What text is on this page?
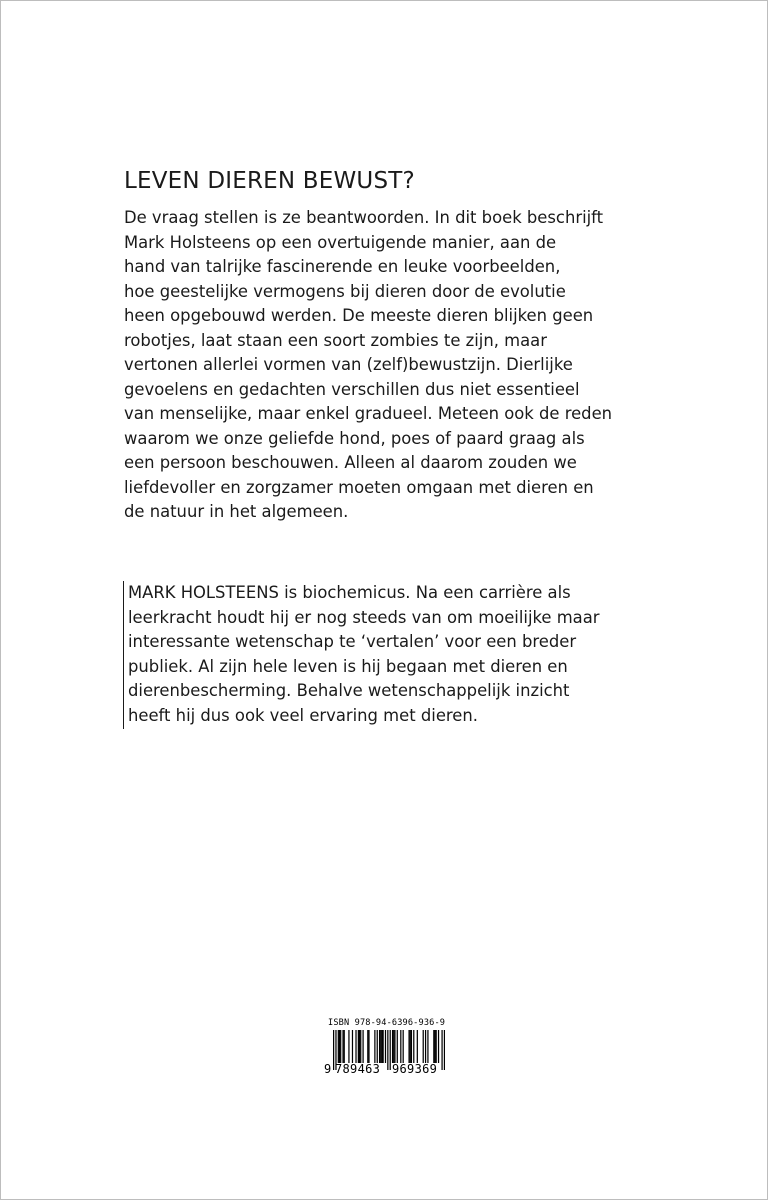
LEVEN DIEREN BEWUST?

De vraag stellen is ze beantwoorden. In dit boek beschrijft
Mark Holsteens op een overtuigende manier, aan de
hand van talrijke fascinerende en leuke voorbeelden,
hoe geestelijke vermogens bij dieren door de evolutie
heen opgebouwd werden. De meeste dieren blijken geen
robotjes, laat staan een soort zombies te zijn, maar
vertonen allerlei vormen van (zelf)bewustzijn. Dierlijke
gevoelens en gedachten verschillen dus niet essentieel
van menselijke, maar enkel gradueel. Meteen ook de reden
waarom we onze geliefde hond, poes of paard graag als
een persoon beschouwen. Alleen al daarom zouden we
liefdevoller en zorgzamer moeten omgaan met dieren en
de natuur in het algemeen.

MARK HOLSTEENS is biochemicus. Na een carrière als
leerkracht houdt hij er nog steeds van om moeilijke maar
interessante wetenschap te ‘vertalen’ voor een breder
publiek. Al zijn hele leven is hij begaan met dieren en
dierenbescherming. Behalve wetenschappelijk inzicht
heeft hij dus ook veel ervaring met dieren.

ISBN 978-94-6396-936-9
9 789463 969369
